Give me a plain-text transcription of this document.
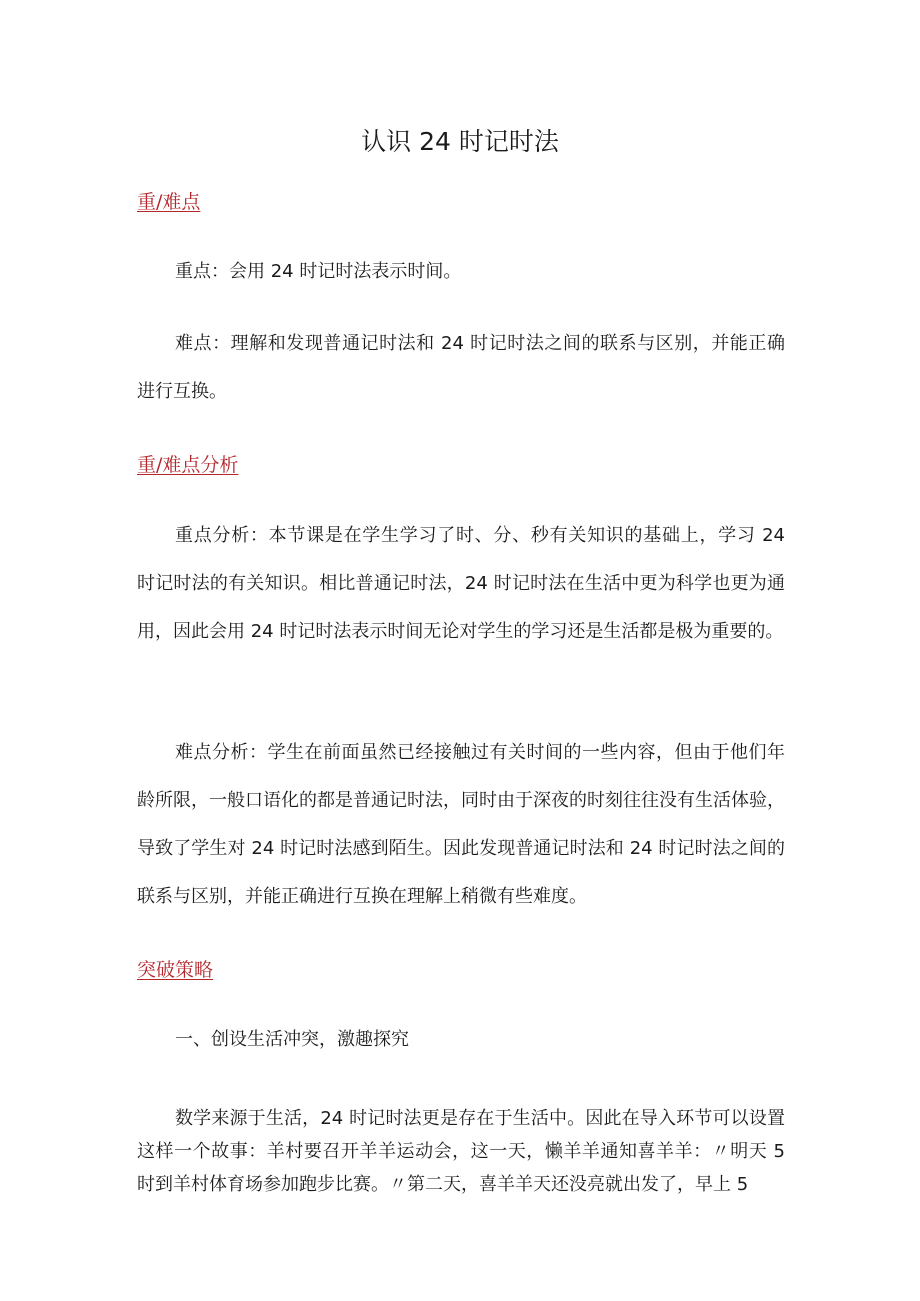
认识 24 时记时法
重/难点

重点：会用 24 时记时法表示时间。

难点：理解和发现普通记时法和 24 时记时法之间的联系与区别，并能正确进行互换。

重/难点分析

重点分析：本节课是在学生学习了时、分、秒有关知识的基础上，学习 24 时记时法的有关知识。相比普通记时法，24 时记时法在生活中更为科学也更为通用，因此会用 24 时记时法表示时间无论对学生的学习还是生活都是极为重要的。

难点分析：学生在前面虽然已经接触过有关时间的一些内容，但由于他们年龄所限，一般口语化的都是普通记时法，同时由于深夜的时刻往往没有生活体验，导致了学生对 24 时记时法感到陌生。因此发现普通记时法和 24 时记时法之间的联系与区别，并能正确进行互换在理解上稍微有些难度。

突破策略

一、创设生活冲突，激趣探究

数学来源于生活，24 时记时法更是存在于生活中。因此在导入环节可以设置这样一个故事：羊村要召开羊羊运动会，这一天，懒羊羊通知喜羊羊：〃明天 5 时到羊村体育场参加跑步比赛。〃第二天，喜羊羊天还没亮就出发了，早上 5
